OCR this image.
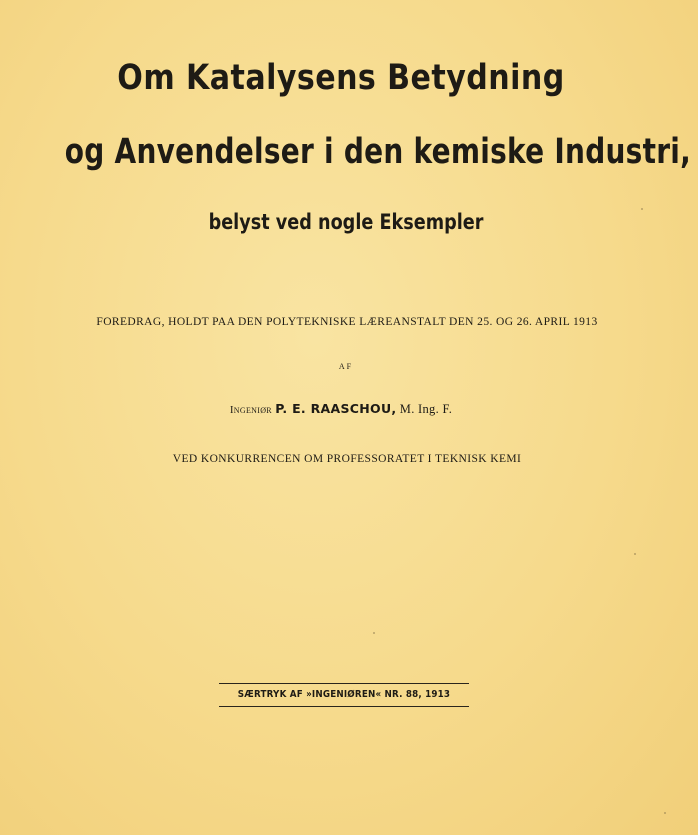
Om Katalysens Betydning
og Anvendelser i den kemiske Industri,
belyst ved nogle Eksempler
FOREDRAG, HOLDT PAA DEN POLYTEKNISKE LÆREANSTALT DEN 25. OG 26. APRIL 1913
AF
Ingeniør P. E. RAASCHOU, M. Ing. F.
VED KONKURRENCEN OM PROFESSORATET I TEKNISK KEMI
SÆRTRYK AF »INGENIØREN« NR. 88, 1913
